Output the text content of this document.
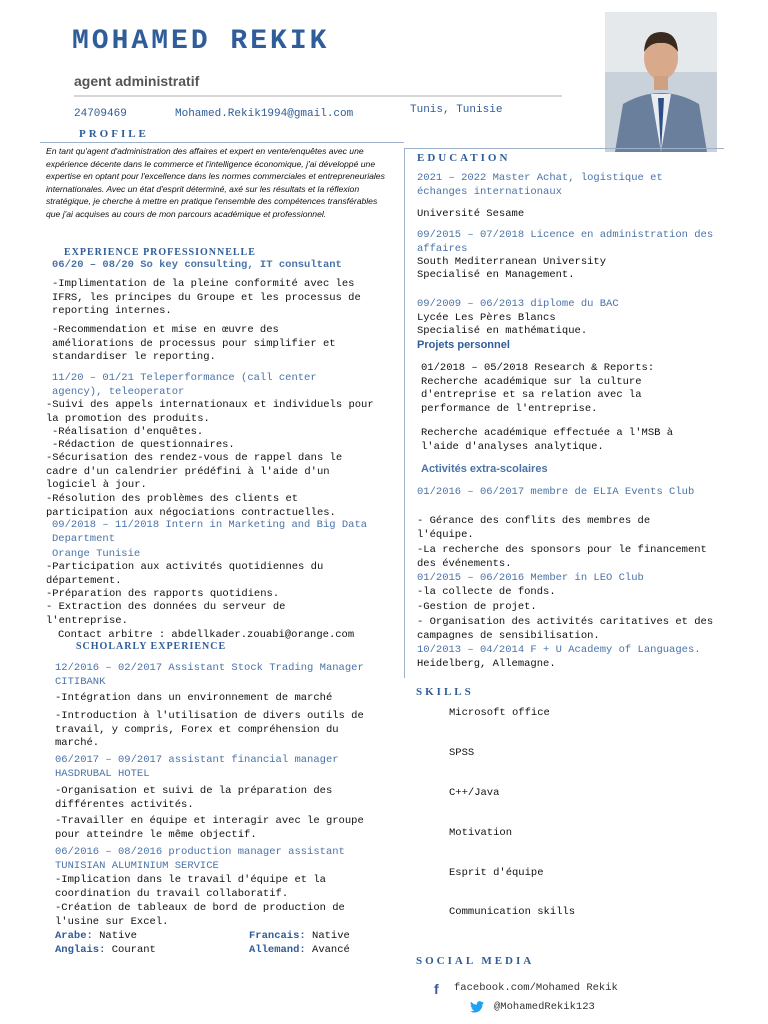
MOHAMED REKIK
agent administratif
24709469	Mohamed.Rekik1994@gmail.com	Tunis, Tunisie
PROFILE
En tant qu'agent d'administration des affaires et expert en vente/enquêtes avec une expérience décente dans le commerce et l'intelligence économique, j'ai développé une expertise en optant pour l'excellence dans les normes commerciales et entrepreneuriales internationales. Avec un état d'esprit déterminé, axé sur les résultats et la réflexion stratégique, je cherche à mettre en pratique l'ensemble des compétences transférables que j'ai acquises au cours de mon parcours académique et professionnel.
EXPERIENCE PROFESSIONNELLE
06/20 – 08/20 So key consulting, IT consultant
-Implimentation de la pleine conformité avec les IFRS, les principes du Groupe et les processus de reporting internes.
-Recommendation et mise en œuvre des améliorations de processus pour simplifier et standardiser le reporting.
11/20 – 01/21 Teleperformance (call center agency), teleoperator
-Suivi des appels internationaux et individuels pour la promotion des produits.
-Réalisation d'enquêtes.
-Rédaction de questionnaires.
-Sécurisation des rendez-vous de rappel dans le cadre d'un calendrier prédéfini à l'aide d'un logiciel à jour.
-Résolution des problèmes des clients et participation aux négociations contractuelles.
09/2018 – 11/2018 Intern in Marketing and Big Data Department
Orange Tunisie
-Participation aux activités quotidiennes du département.
-Préparation des rapports quotidiens.
- Extraction des données du serveur de l'entreprise.
Contact arbitre : abdellkader.zouabi@orange.com
SCHOLARLY EXPERIENCE
12/2016 – 02/2017 Assistant Stock Trading Manager CITIBANK
-Intégration dans un environnement de marché
-Introduction à l'utilisation de divers outils de travail, y compris, Forex et compréhension du marché.
06/2017 – 09/2017 assistant financial manager HASDRUBAL HOTEL
-Organisation et suivi de la préparation des différentes activités.
-Travailler en équipe et interagir avec le groupe pour atteindre le même objectif.
06/2016 – 08/2016 production manager assistant TUNISIAN ALUMINIUM SERVICE
-Implication dans le travail d'équipe et la coordination du travail collaboratif.
-Création de tableaux de bord de production de l'usine sur Excel.
Arabe: Native	Francais: Native
Anglais: Courant	Allemand: Avancé
EDUCATION
2021 – 2022 Master Achat, logistique et échanges internationaux
Université Sesame
09/2015 – 07/2018 Licence en administration des affaires
South Mediterranean University
Specialisé en Management.
09/2009 – 06/2013 diplome du BAC
Lycée Les Pères Blancs
Specialisé en mathématique.
Projets personnel
01/2018 – 05/2018 Research & Reports: Recherche académique sur la culture d'entreprise et sa relation avec la performance de l'entreprise.
Recherche académique effectuée a l'MSB à l'aide d'analyses analytique.
Activités extra-scolaires
01/2016 – 06/2017 membre de ELIA Events Club
- Gérance des conflits des membres de l'équipe.
-La recherche des sponsors pour le financement des événements.
01/2015 – 06/2016 Member in LEO Club
-la collecte de fonds.
-Gestion de projet.
- Organisation des activités caritatives et des campagnes de sensibilisation.
10/2013 – 04/2014 F + U Academy of Languages.
Heidelberg, Allemagne.
SKILLS
Microsoft office
SPSS
C++/Java
Motivation
Esprit d'équipe
Communication skills
SOCIAL MEDIA
f facebook.com/Mohamed Rekik
@MohamedRekik123
